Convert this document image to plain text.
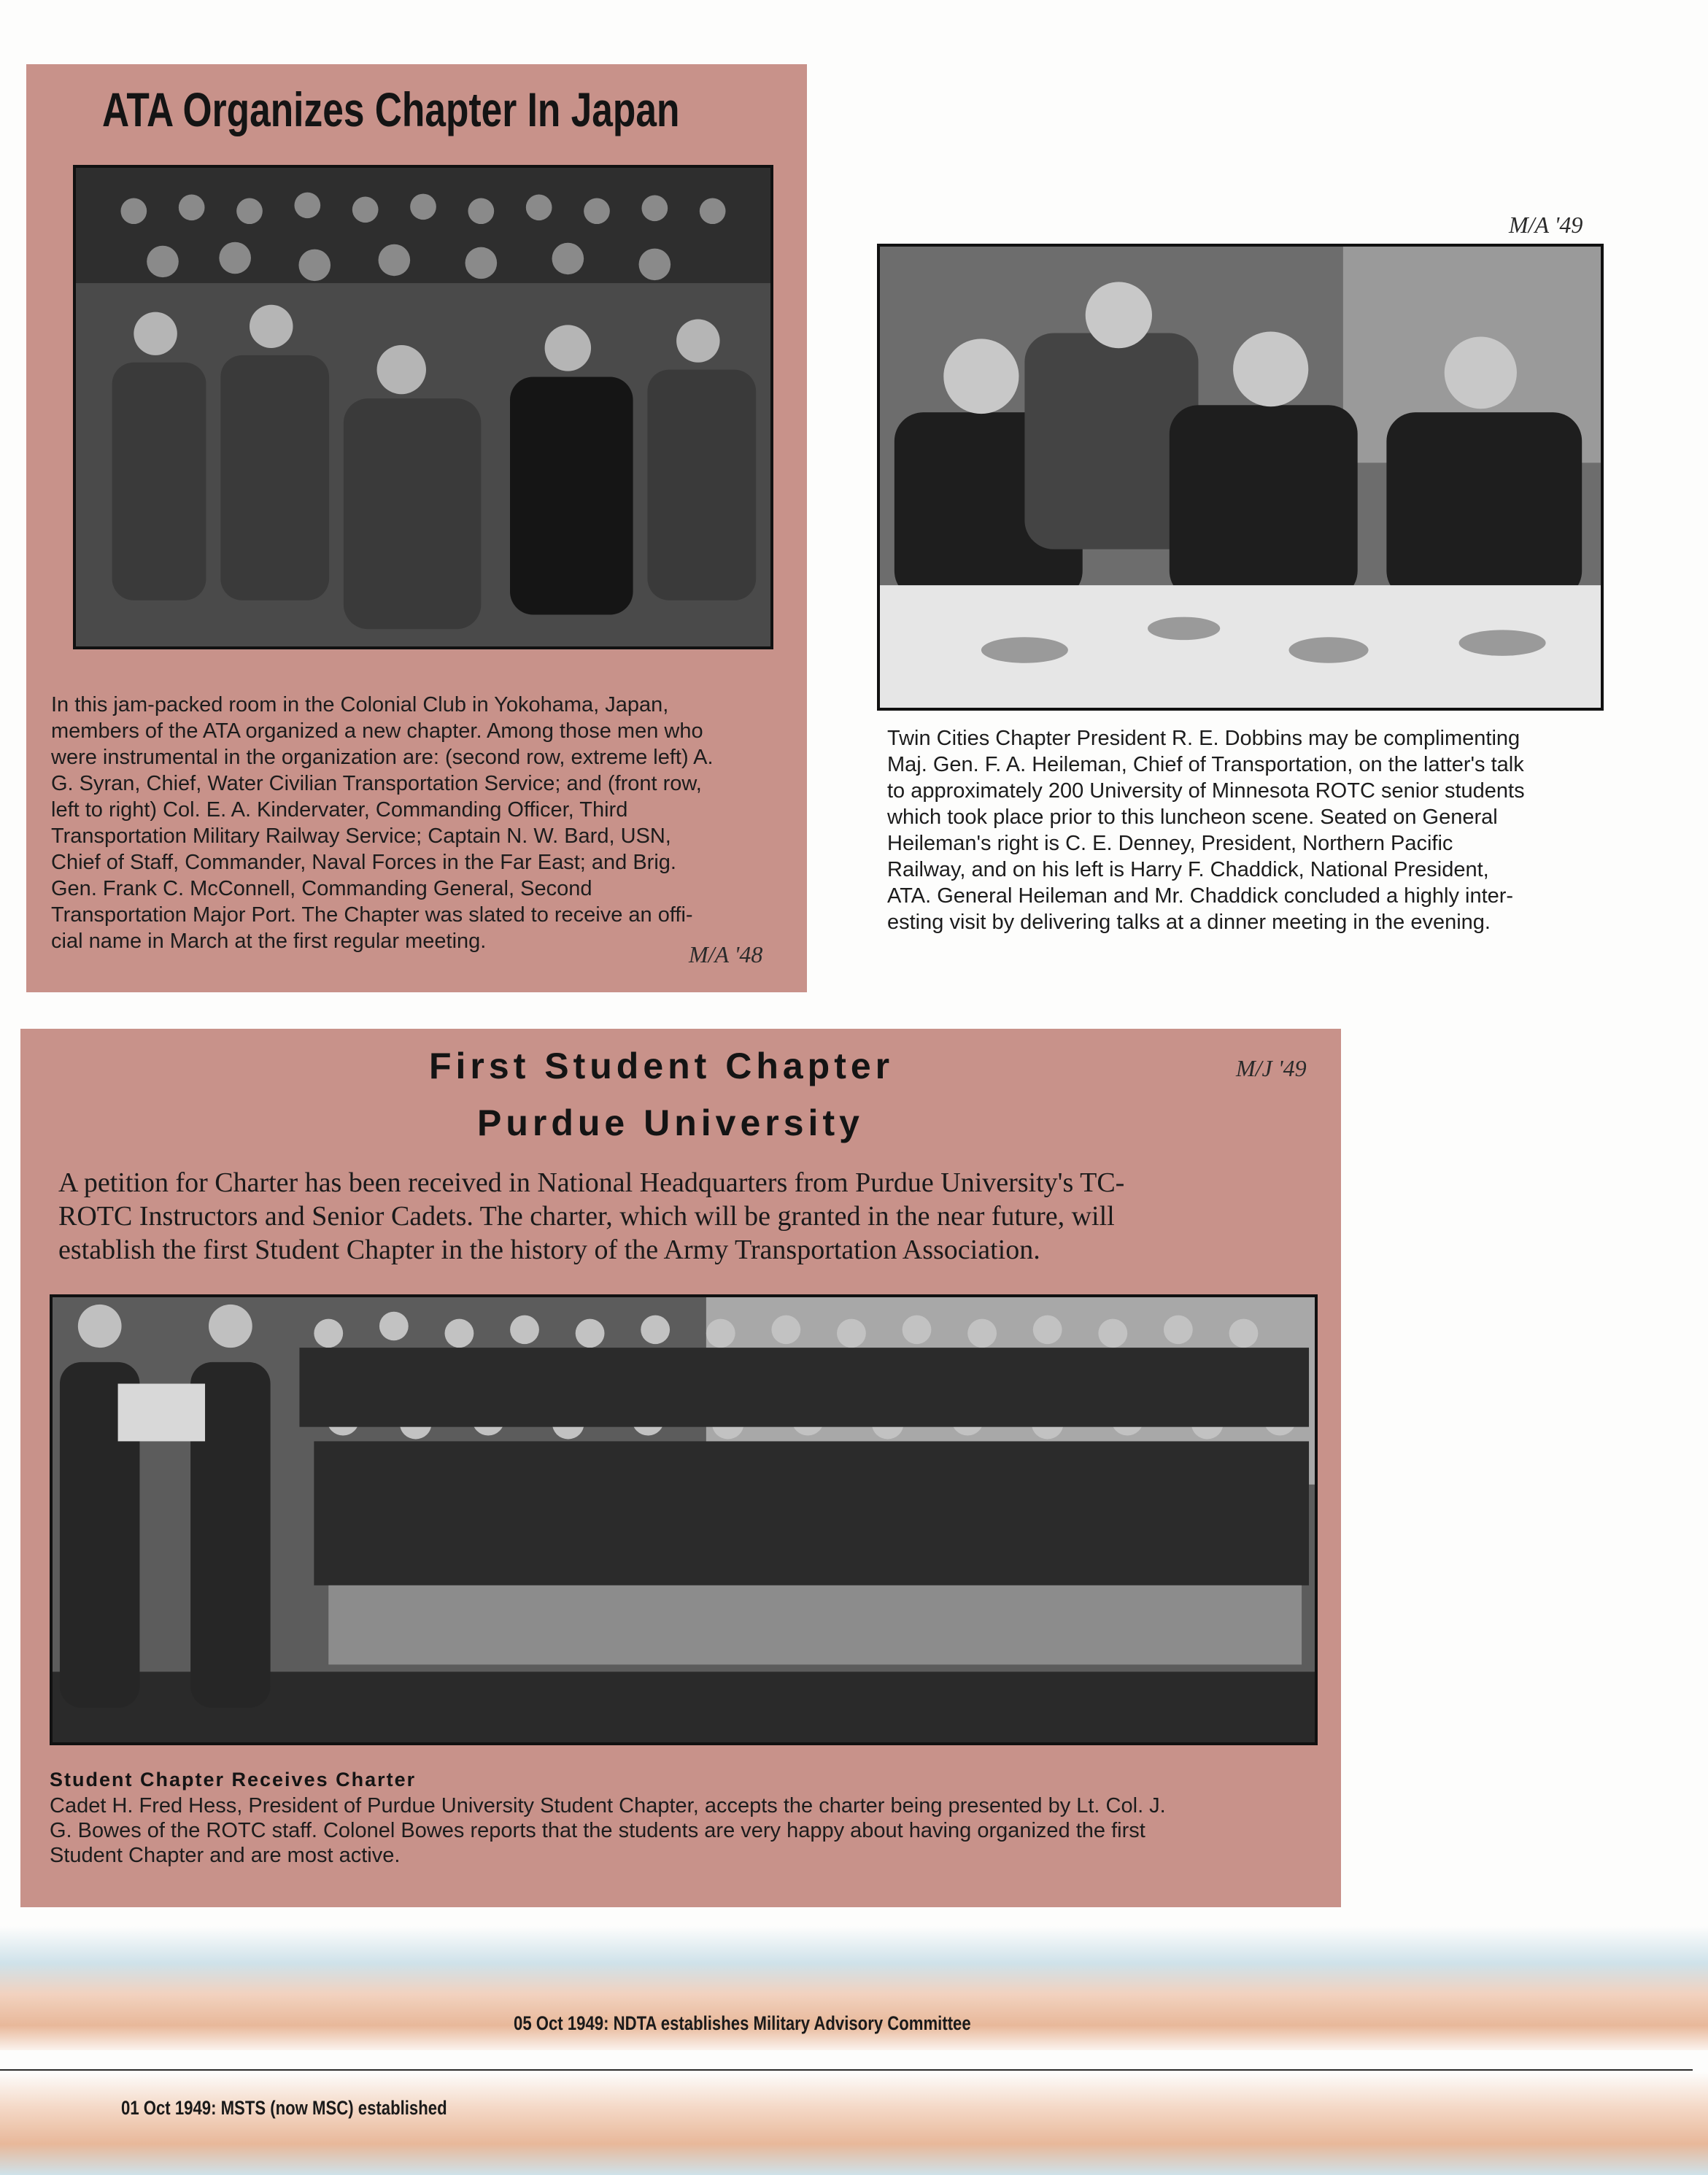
ATA Organizes Chapter In Japan
In this jam-packed room in the Colonial Club in Yokohama, Japan,
members of the ATA organized a new chapter. Among those men who
were instrumental in the organization are: (second row, extreme left) A.
G. Syran, Chief, Water Civilian Transportation Service; and (front row,
left to right) Col. E. A. Kindervater, Commanding Officer, Third
Transportation Military Railway Service; Captain N. W. Bard, USN,
Chief of Staff, Commander, Naval Forces in the Far East; and Brig.
Gen. Frank C. McConnell, Commanding General, Second
Transportation Major Port. The Chapter was slated to receive an offi-
cial name in March at the first regular meeting.	M/A '48
M/A '49
Twin Cities Chapter President R. E. Dobbins may be complimenting
Maj. Gen. F. A. Heileman, Chief of Transportation, on the latter's talk
to approximately 200 University of Minnesota ROTC senior students
which took place prior to this luncheon scene. Seated on General
Heileman's right is C. E. Denney, President, Northern Pacific
Railway, and on his left is Harry F. Chaddick, National President,
ATA. General Heileman and Mr. Chaddick concluded a highly inter-
esting visit by delivering talks at a dinner meeting in the evening.
First Student Chapter
Purdue University
M/J '49
A petition for Charter has been received in National Headquarters from Purdue University's TC-
ROTC Instructors and Senior Cadets. The charter, which will be granted in the near future, will
establish the first Student Chapter in the history of the Army Transportation Association.
Student Chapter Receives Charter
Cadet H. Fred Hess, President of Purdue University Student Chapter, accepts the charter being presented by Lt. Col. J.
G. Bowes of the ROTC staff. Colonel Bowes reports that the students are very happy about having organized the first
Student Chapter and are most active.
05 Oct 1949: NDTA establishes Military Advisory Committee
01 Oct 1949: MSTS (now MSC) established
